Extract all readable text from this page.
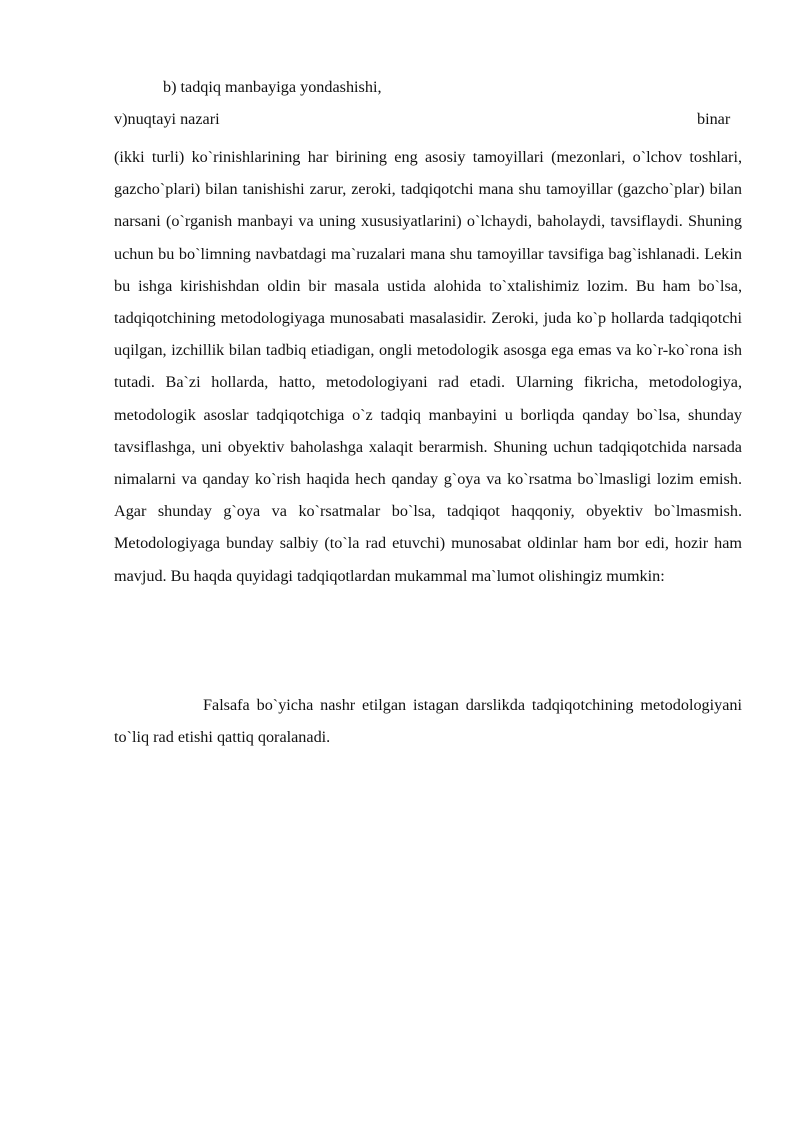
b) tadqiq manbayiga yondashishi,
v)nuqtayi nazari	binar

(ikki turli) ko`rinishlarining har birining eng asosiy tamoyillari (mezonlari, o`lchov toshlari, gazcho`plari) bilan tanishishi zarur, zeroki, tadqiqotchi mana shu tamoyillar (gazcho`plar) bilan narsani (o`rganish manbayi va uning xususiyatlarini) o`lchaydi, baholaydi, tavsiflaydi. Shuning uchun bu bo`limning navbatdagi ma`ruzalari mana shu tamoyillar tavsifiga bag`ishlanadi. Lekin bu ishga kirishishdan oldin bir masala ustida alohida to`xtalishimiz lozim. Bu ham bo`lsa, tadqiqotchining metodologiyaga munosabati masalasidir. Zeroki, juda ko`p hollarda tadqiqotchi uqilgan, izchillik bilan tadbiq etiadigan, ongli metodologik asosga ega emas va ko`r-ko`rona ish tutadi. Ba`zi hollarda, hatto, metodologiyani rad etadi. Ularning fikricha, metodologiya, metodologik asoslar tadqiqotchiga o`z tadqiq manbayini u borliqda qanday bo`lsa, shunday tavsiflashga, uni obyektiv baholashga xalaqit berarmish. Shuning uchun tadqiqotchida narsada nimalarni va qanday ko`rish haqida hech qanday g`oya va ko`rsatma bo`lmasligi lozim emish. Agar shunday g`oya va ko`rsatmalar bo`lsa, tadqiqot haqqoniy, obyektiv bo`lmasmish. Metodologiyaga bunday salbiy (to`la rad etuvchi) munosabat oldinlar ham bor edi, hozir ham mavjud. Bu haqda quyidagi tadqiqotlardan mukammal ma`lumot olishingiz mumkin:

Falsafa bo`yicha nashr etilgan istagan darslikda tadqiqotchining metodologiyani to`liq rad etishi qattiq qoralanadi.
